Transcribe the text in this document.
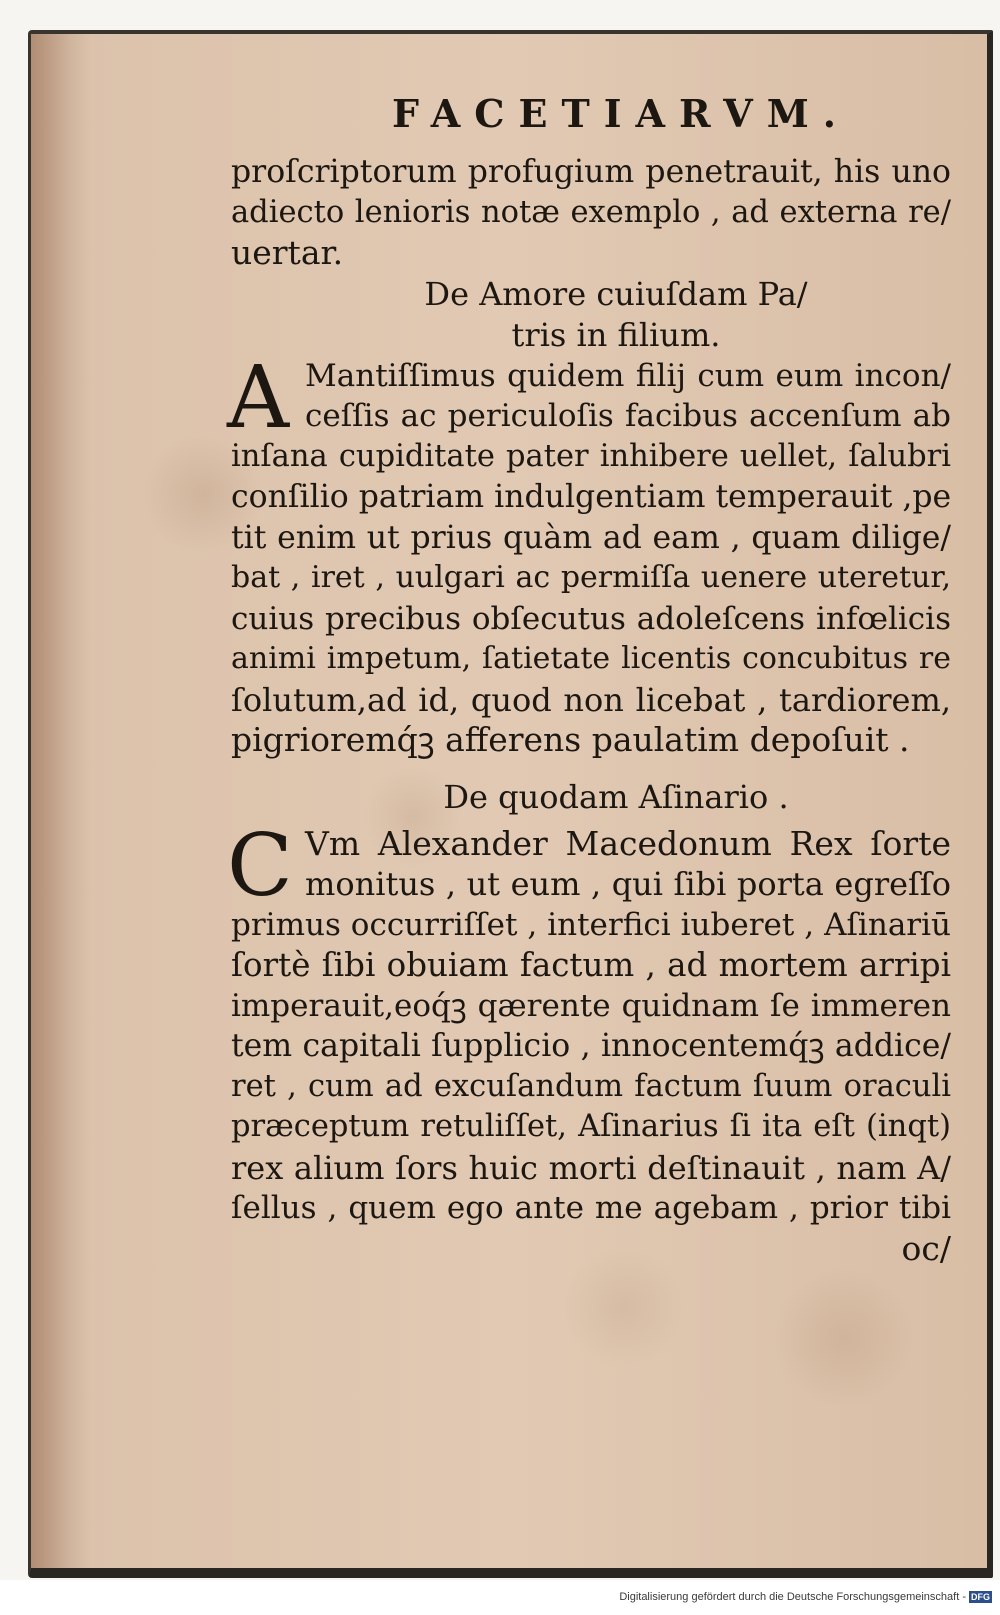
FACETIARVM.
proſcriptorum profugium penetrauit, his uno
adiecto lenioris notæ exemplo , ad externa re/
uertar.
De Amore cuiuſdam Pa/
tris in filium.
A Mantiſſimus quidem filij cum eum incon/
ceſſis ac periculoſis facibus accenſum ab
inſana cupiditate pater inhibere uellet, ſalubri
conſilio patriam indulgentiam temperauit ,pe
tit enim ut prius quàm ad eam , quam dilige/
bat , iret , uulgari ac permiſſa uenere uteretur,
cuius precibus obſecutus adoleſcens infœlicis
animi impetum, ſatietate licentis concubitus re
ſolutum,ad id, quod non licebat , tardiorem,
pigrioremq́ꝫ afferens paulatim depoſuit .
De quodam Aſinario .
C Vm Alexander Macedonum Rex ſorte
monitus , ut eum , qui ſibi porta egreſſo
primus occurriſſet , interfici iuberet , Aſinariū
ſortè ſibi obuiam factum , ad mortem arripi
imperauit,eoq́ꝫ qærente quidnam ſe immeren
tem capitali ſupplicio , innocentemq́ꝫ addice/
ret , cum ad excuſandum factum ſuum oraculi
præceptum retuliſſet, Aſinarius ſi ita eſt (inqt)
rex alium ſors huic morti deſtinauit , nam A/
ſellus , quem ego ante me agebam , prior tibi
oc/
Digitalisierung gefördert durch die Deutsche Forschungsgemeinschaft - DFG
